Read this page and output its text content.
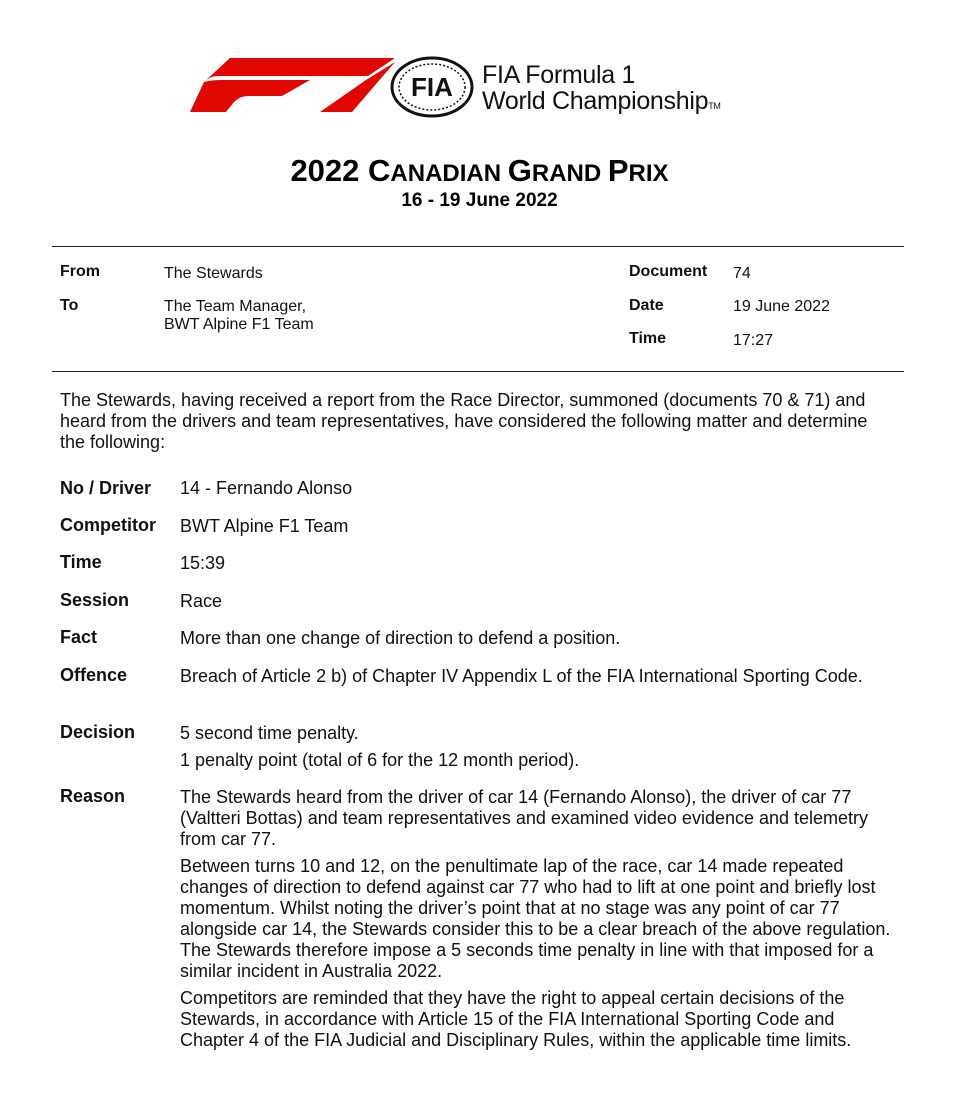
FIA FIA Formula 1
World ChampionshipTM
2022 CANADIAN GRAND PRIX
16 - 19 June 2022
From	The Stewards
To	The Team Manager,
BWT Alpine F1 Team
Document 74
Date	19 June 2022
Time	17:27
The Stewards, having received a report from the Race Director, summoned (documents 70 & 71) and heard from the drivers and team representatives, have considered the following matter and determine the following:
No / Driver 14 - Fernando Alonso
Competitor BWT Alpine F1 Team
Time	15:39
Session	Race
Fact	More than one change of direction to defend a position.
Offence	Breach of Article 2 b) of Chapter IV Appendix L of the FIA International Sporting Code.
Decision 5 second time penalty.

1 penalty point (total of 6 for the 12 month period).

Reason	The Stewards heard from the driver of car 14 (Fernando Alonso), the driver of car 77 (Valtteri Bottas) and team representatives and examined video evidence and telemetry from car 77.

Between turns 10 and 12, on the penultimate lap of the race, car 14 made repeated changes of direction to defend against car 77 who had to lift at one point and briefly lost momentum. Whilst noting the driver’s point that at no stage was any point of car 77 alongside car 14, the Stewards consider this to be a clear breach of the above regulation. The Stewards therefore impose a 5 seconds time penalty in line with that imposed for a similar incident in Australia 2022.

Competitors are reminded that they have the right to appeal certain decisions of the Stewards, in accordance with Article 15 of the FIA International Sporting Code and Chapter 4 of the FIA Judicial and Disciplinary Rules, within the applicable time limits.
